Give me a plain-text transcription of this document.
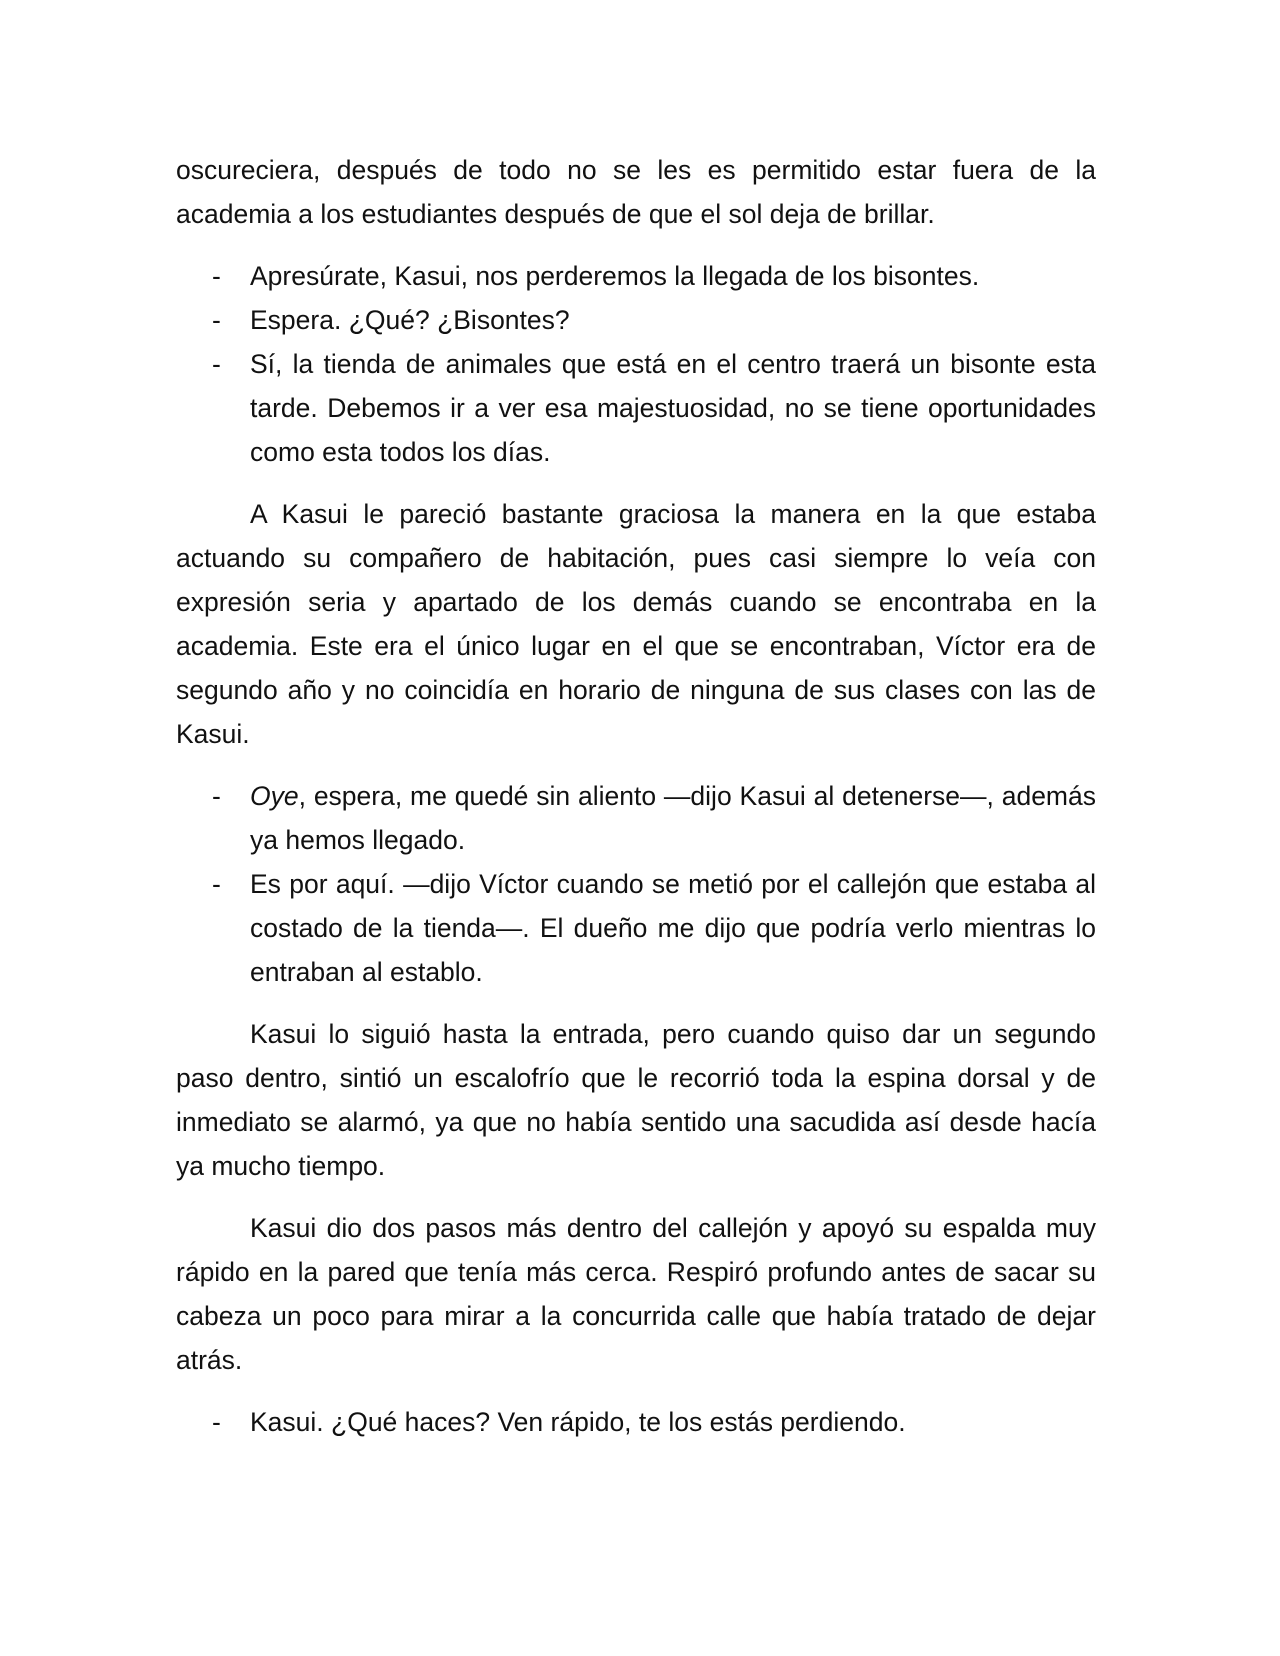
oscureciera, después de todo no se les es permitido estar fuera de la academia a los estudiantes después de que el sol deja de brillar.

- Apresúrate, Kasui, nos perderemos la llegada de los bisontes.
- Espera. ¿Qué? ¿Bisontes?
- Sí, la tienda de animales que está en el centro traerá un bisonte esta tarde. Debemos ir a ver esa majestuosidad, no se tiene oportunidades como esta todos los días.

A Kasui le pareció bastante graciosa la manera en la que estaba actuando su compañero de habitación, pues casi siempre lo veía con expresión seria y apartado de los demás cuando se encontraba en la academia. Este era el único lugar en el que se encontraban, Víctor era de segundo año y no coincidía en horario de ninguna de sus clases con las de Kasui.

- Oye, espera, me quedé sin aliento —dijo Kasui al detenerse—, además ya hemos llegado.
- Es por aquí. —dijo Víctor cuando se metió por el callejón que estaba al costado de la tienda—. El dueño me dijo que podría verlo mientras lo entraban al establo.

Kasui lo siguió hasta la entrada, pero cuando quiso dar un segundo paso dentro, sintió un escalofrío que le recorrió toda la espina dorsal y de inmediato se alarmó, ya que no había sentido una sacudida así desde hacía ya mucho tiempo.

Kasui dio dos pasos más dentro del callejón y apoyó su espalda muy rápido en la pared que tenía más cerca. Respiró profundo antes de sacar su cabeza un poco para mirar a la concurrida calle que había tratado de dejar atrás.

- Kasui. ¿Qué haces? Ven rápido, te los estás perdiendo.
